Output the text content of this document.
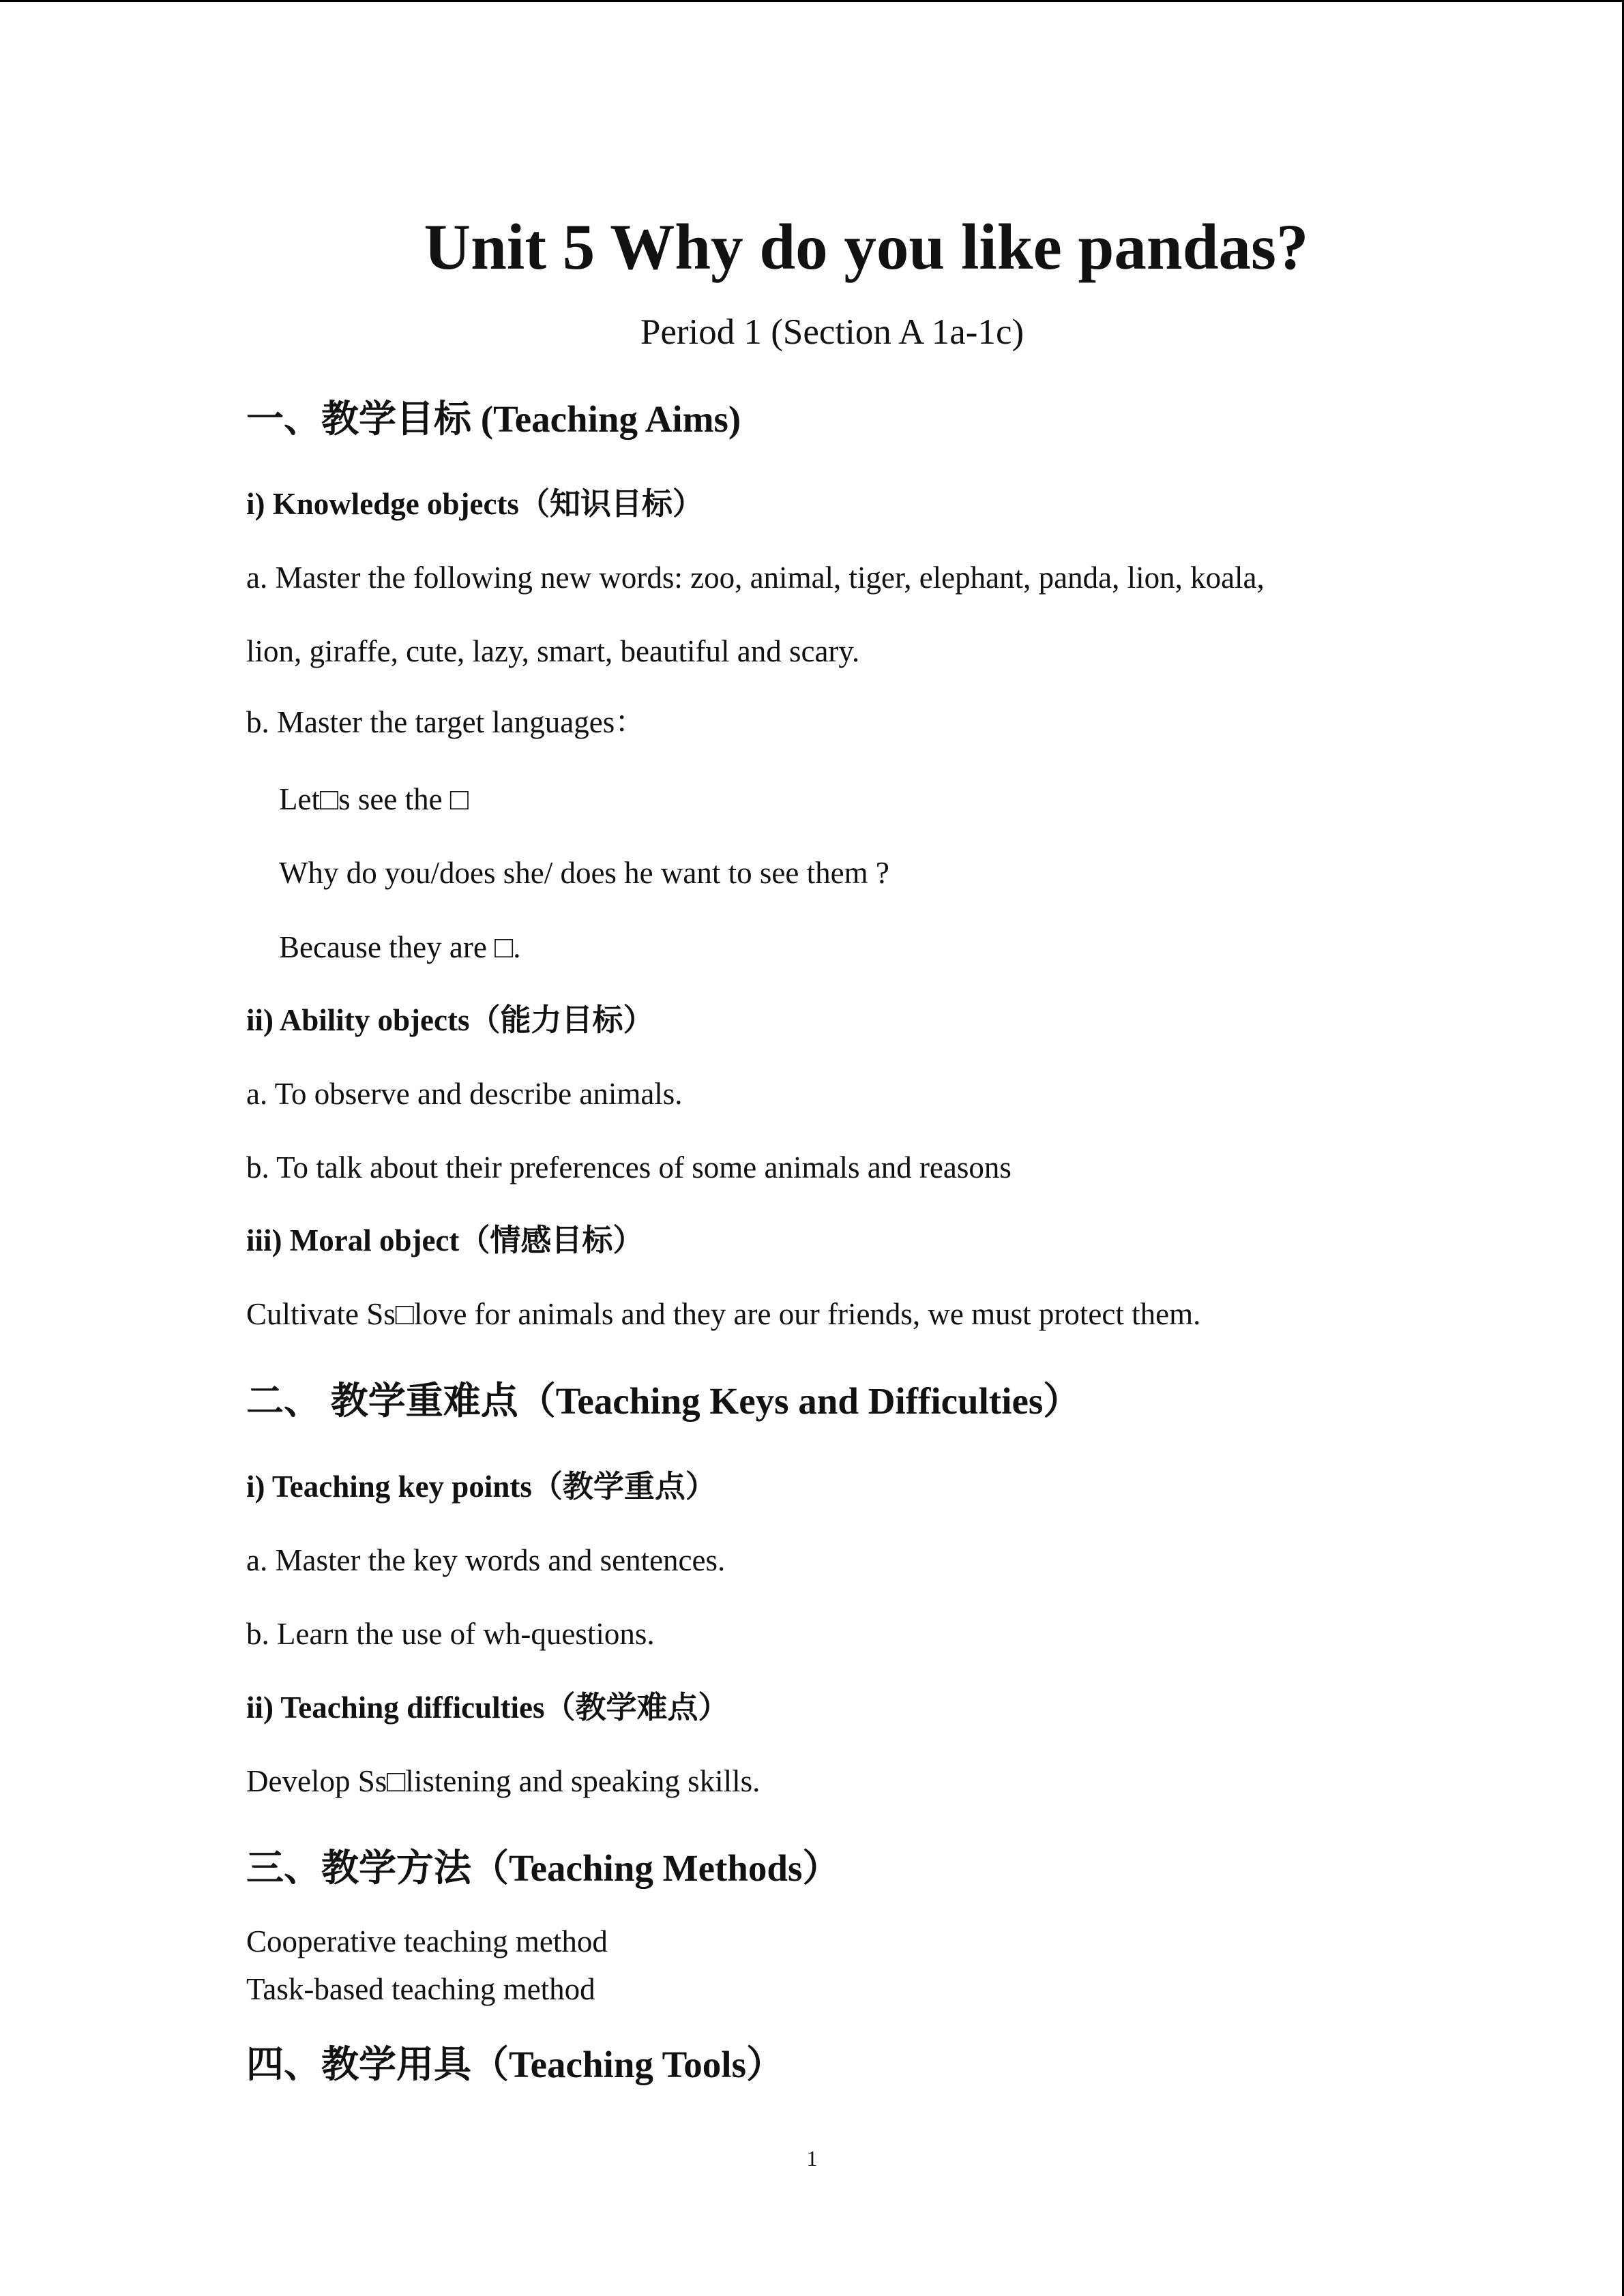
Unit 5 Why do you like pandas?
Period 1 (Section A 1a-1c)
一、教学目标 (Teaching Aims)
i) Knowledge objects（知识目标）

a. Master the following new words: zoo, animal, tiger, elephant, panda, lion, koala,

lion, giraffe, cute, lazy, smart, beautiful and scary.

b. Master the target languages：

Let□s see the □

Why do you/does she/ does he want to see them ?

Because they are □.

ii) Ability objects（能力目标）

a. To observe and describe animals.

b. To talk about their preferences of some animals and reasons

iii) Moral object（情感目标）

Cultivate Ss□love for animals and they are our friends, we must protect them.

二、 教学重难点（Teaching Keys and Difficulties）
i) Teaching key points（教学重点）

a. Master the key words and sentences.

b. Learn the use of wh-questions.

ii) Teaching difficulties（教学难点）

Develop Ss□listening and speaking skills.

三、教学方法（Teaching Methods）

Cooperative teaching method

Task-based teaching method

四、教学用具（Teaching Tools）
1
